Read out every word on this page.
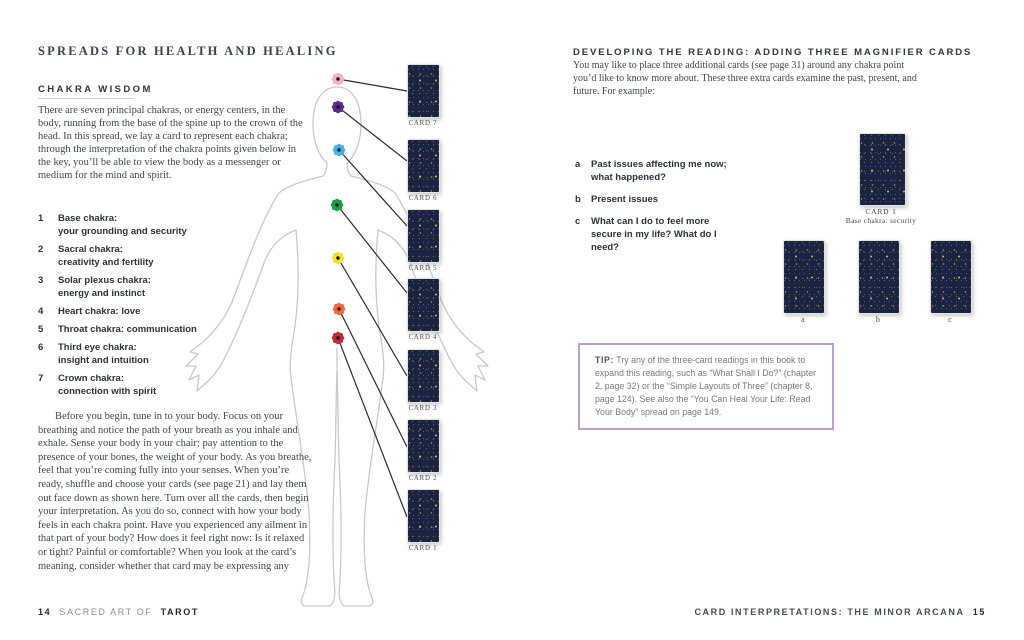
SPREADS FOR HEALTH AND HEALING
CHAKRA WISDOM
There are seven principal chakras, or energy centers, in the body, running from the base of the spine up to the crown of the head. In this spread, we lay a card to represent each chakra; through the interpretation of the chakra points given below in the key, you’ll be able to view the body as a messenger or medium for the mind and spirit.
1	Base chakra:
your grounding and security
2	Sacral chakra:
creativity and fertility
3	Solar plexus chakra:
energy and instinct
4	Heart chakra: love
5	Throat chakra: communication
6	Third eye chakra:
insight and intuition
7	Crown chakra:
connection with spirit
Before you begin, tune in to your body. Focus on your breathing and notice the path of your breath as you inhale and exhale. Sense your body in your chair; pay attention to the presence of your bones, the weight of your body. As you breathe, feel that you’re coming fully into your senses. When you’re ready, shuffle and choose your cards (see page 21) and lay them out face down as shown here. Turn over all the cards, then begin your interpretation. As you do so, connect with how your body feels in each chakra point. Have you experienced any ailment in that part of your body? How does it feel right now: Is it relaxed or tight? Painful or comfortable? When you look at the card’s meaning, consider whether that card may be expressing any
14 SACRED ART OF TAROT
CARD 7
CARD 6
CARD 5
CARD 4
CARD 3
CARD 2
CARD 1
DEVELOPING THE READING: ADDING THREE MAGNIFIER CARDS
You may like to place three additional cards (see page 31) around any chakra point you’d like to know more about. These three extra cards examine the past, present, and future. For example:
a	Past issues affecting me now; what happened?
b	Present issues
c	What can I do to feel more secure in my life? What do I need?
CARD 1
Base chakra: security
a	b	c
TIP: Try any of the three-card readings in this book to expand this reading, such as “What Shall I Do?” (chapter 2, page 32) or the “Simple Layouts of Three” (chapter 8, page 124). See also the “You Can Heal Your Life: Read Your Body” spread on page 149.
CARD INTERPRETATIONS: THE MINOR ARCANA 15
